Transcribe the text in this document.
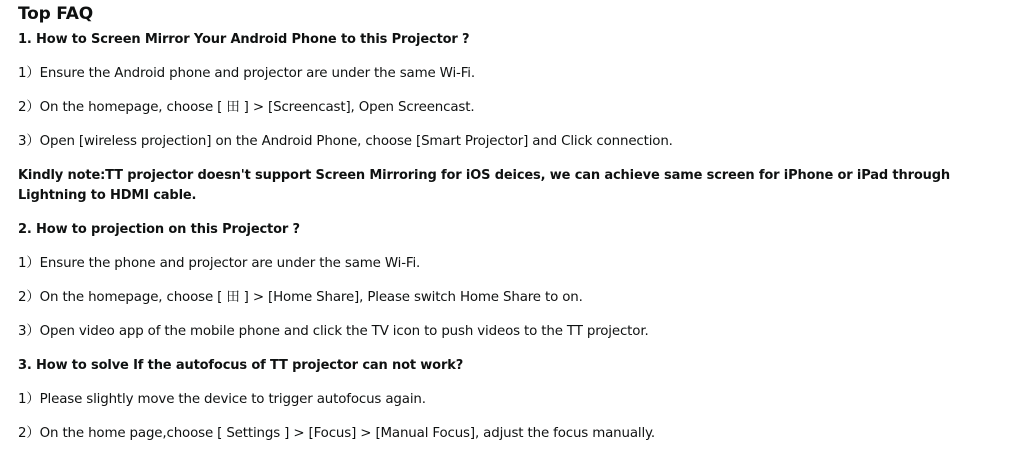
Top FAQ
1. How to Screen Mirror Your Android Phone to this Projector ?
1）Ensure the Android phone and projector are under the same Wi-Fi.
2）On the homepage, choose [ 田 ] > [Screencast], Open Screencast.
3）Open [wireless projection] on the Android Phone, choose [Smart Projector] and Click connection.
Kindly note:TT projector doesn't support Screen Mirroring for iOS deices, we can achieve same screen for iPhone or iPad through Lightning to HDMI cable.
2. How to projection on this Projector ?
1）Ensure the phone and projector are under the same Wi-Fi.
2）On the homepage, choose [ 田 ] > [Home Share], Please switch Home Share to on.
3）Open video app of the mobile phone and click the TV icon to push videos to the TT projector.
3. How to solve If the autofocus of TT projector can not work?
1）Please slightly move the device to trigger autofocus again.
2）On the home page,choose [ Settings ] > [Focus] > [Manual Focus], adjust the focus manually.
